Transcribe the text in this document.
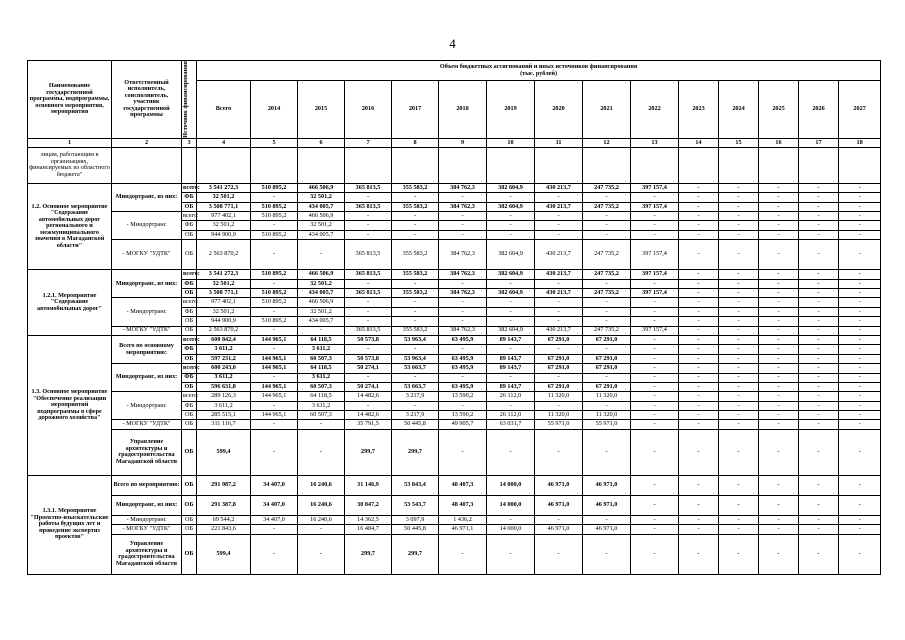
4
Наименование государственной программы, подпрограммы, основного мероприятия, мероприятия	Ответственный исполнитель, соисполнитель, участник государственной программы	Источник финансирования	Объем бюджетных ассигнований и иных источников финансирования
(тыс. рублей)														
			Всего	2014	2015	2016	2017	2018	2019	2020	2021	2022	2023	2024	2025	2026	2027
1	2	3	4	5	6	7	8	9	10	11	12	13	14	15	16	17	18
лицам, работающим в организациях, финансируемых из областного бюджета"																	
1.2. Основное мероприятие "Содержание автомобильных дорог регионального и межмуниципального значения в Магаданской области"	Миндортранс, из них:	всего:	3 541 272,3	510 895,2	466 506,9	365 813,5	355 583,2	384 762,3	382 604,9	430 213,7	247 735,2	397 157,4	-	-	-	-	-
		ФБ	32 501,2	-	32 501,2	-	-	-	-	-	-	-	-	-	-	-	-
		ОБ	3 508 771,1	510 895,2	434 005,7	365 813,5	355 583,2	384 762,3	382 604,9	430 213,7	247 735,2	397 157,4	-	-	-	-	-
	- Миндортранс	всего:	977 402,1	510 895,2	466 506,9	-	-	-	-	-	-	-	-	-	-	-	-
		ФБ	32 501,2	-	32 501,2	-	-	-	-	-	-	-	-	-	-	-	-
		ОБ	944 900,9	510 895,2	434 005,7	-	-	-	-	-	-	-	-	-	-	-	-
	- МОГКУ "УДТК"	ОБ	2 563 870,2	-	-	365 813,5	355 583,2	384 762,3	382 604,9	430 213,7	247 735,2	397 157,4	-	-	-	-	-
1.2.1. Мероприятие "Содержание автомобильных дорог"	Миндортранс, из них:	всего:	3 541 272,3	510 895,2	466 506,9	365 813,5	355 583,2	384 762,3	382 604,9	430 213,7	247 735,2	397 157,4	-	-	-	-	-
		ФБ	32 501,2	-	32 501,2	-	-	-	-	-	-	-	-	-	-	-	-
		ОБ	3 508 771,1	510 895,2	434 005,7	365 813,5	355 583,2	384 762,3	382 604,9	430 213,7	247 735,2	397 157,4	-	-	-	-	-
	- Миндортранс	всего:	977 402,1	510 895,2	466 506,9	-	-	-	-	-	-	-	-	-	-	-	-
		ФБ	32 501,2	-	32 501,2	-	-	-	-	-	-	-	-	-	-	-	-
		ОБ	944 900,9	510 895,2	434 005,7	-	-	-	-	-	-	-	-	-	-	-	-
	- МОГКУ "УДТК"	ОБ	2 563 870,2	-	-	365 813,5	355 583,2	384 762,3	382 604,9	430 213,7	247 735,2	397 157,4	-	-	-	-	-
1.3. Основное мероприятие "Обеспечение реализации мероприятий подпрограммы в сфере дорожного хозяйства"	Всего по основному мероприятию:	всего:	600 842,4	144 965,1	64 118,5	50 573,8	53 963,4	63 495,9	89 143,7	67 291,0	67 291,0	-	-	-	-	-	-
		ФБ	3 611,2	-	3 611,2	-	-	-	-	-	-	-	-	-	-	-	-
		ОБ	597 231,2	144 965,1	60 507,3	50 573,8	53 963,4	63 495,9	89 143,7	67 291,0	67 291,0	-	-	-	-	-	-
	Миндортранс, из них:	всего:	600 243,0	144 965,1	64 118,5	50 274,1	53 663,7	63 495,9	89 143,7	67 291,0	67 291,0	-	-	-	-	-	-
		ФБ	3 611,2	-	3 611,2	-	-	-	-	-	-	-	-	-	-	-	-
		ОБ	596 631,8	144 965,1	60 507,3	50 274,1	53 663,7	63 495,9	89 143,7	67 291,0	67 291,0	-	-	-	-	-	-
	- Миндортранс	всего:	289 126,3	144 965,1	64 118,5	14 482,6	3 217,9	13 590,2	26 112,0	11 320,0	11 320,0	-	-	-	-	-	-
		ФБ	3 611,2	-	3 611,2	-	-	-	-	-	-	-	-	-	-	-	-
		ОБ	285 515,1	144 965,1	60 507,3	14 482,6	3 217,9	13 590,2	26 112,0	11 320,0	11 320,0	-	-	-	-	-	-
	- МОГКУ "УДТК"	ОБ	311 116,7	-	-	35 791,5	50 445,8	49 905,7	63 031,7	55 971,0	55 971,0	-	-	-	-	-	-
	Управление архитектуры и градостроительства Магаданской области	ОБ	599,4	-	-	299,7	299,7	-	-	-	-	-	-	-	-	-	-
1.3.1. Мероприятие "Проектно-изыскательские работы будущих лет и проведение экспертиз проектов"	Всего по мероприятию:	ОБ	291 987,2	34 407,0	16 240,6	31 146,9	53 843,4	48 407,3	14 000,0	46 971,0	46 971,0	-	-	-	-	-	-
	Миндортранс, из них:	ОБ	291 387,8	34 407,0	16 240,6	30 847,2	53 543,7	48 407,3	14 000,0	46 971,0	46 971,0	-	-	-	-	-	-
	- Миндортранс	ОБ	69 544,2	34 407,0	16 240,6	14 362,5	3 097,9	1 436,2	-	-	-	-	-	-	-	-	-
	- МОГКУ "УДТК"	ОБ	221 843,6	-	-	16 484,7	50 445,8	46 971,1	14 000,0	46 971,0	46 971,0	-	-	-	-	-	-
	Управление архитектуры и градостроительства Магаданской области	ОБ	599,4	-	-	299,7	299,7	-	-	-	-	-	-	-	-	-	-
